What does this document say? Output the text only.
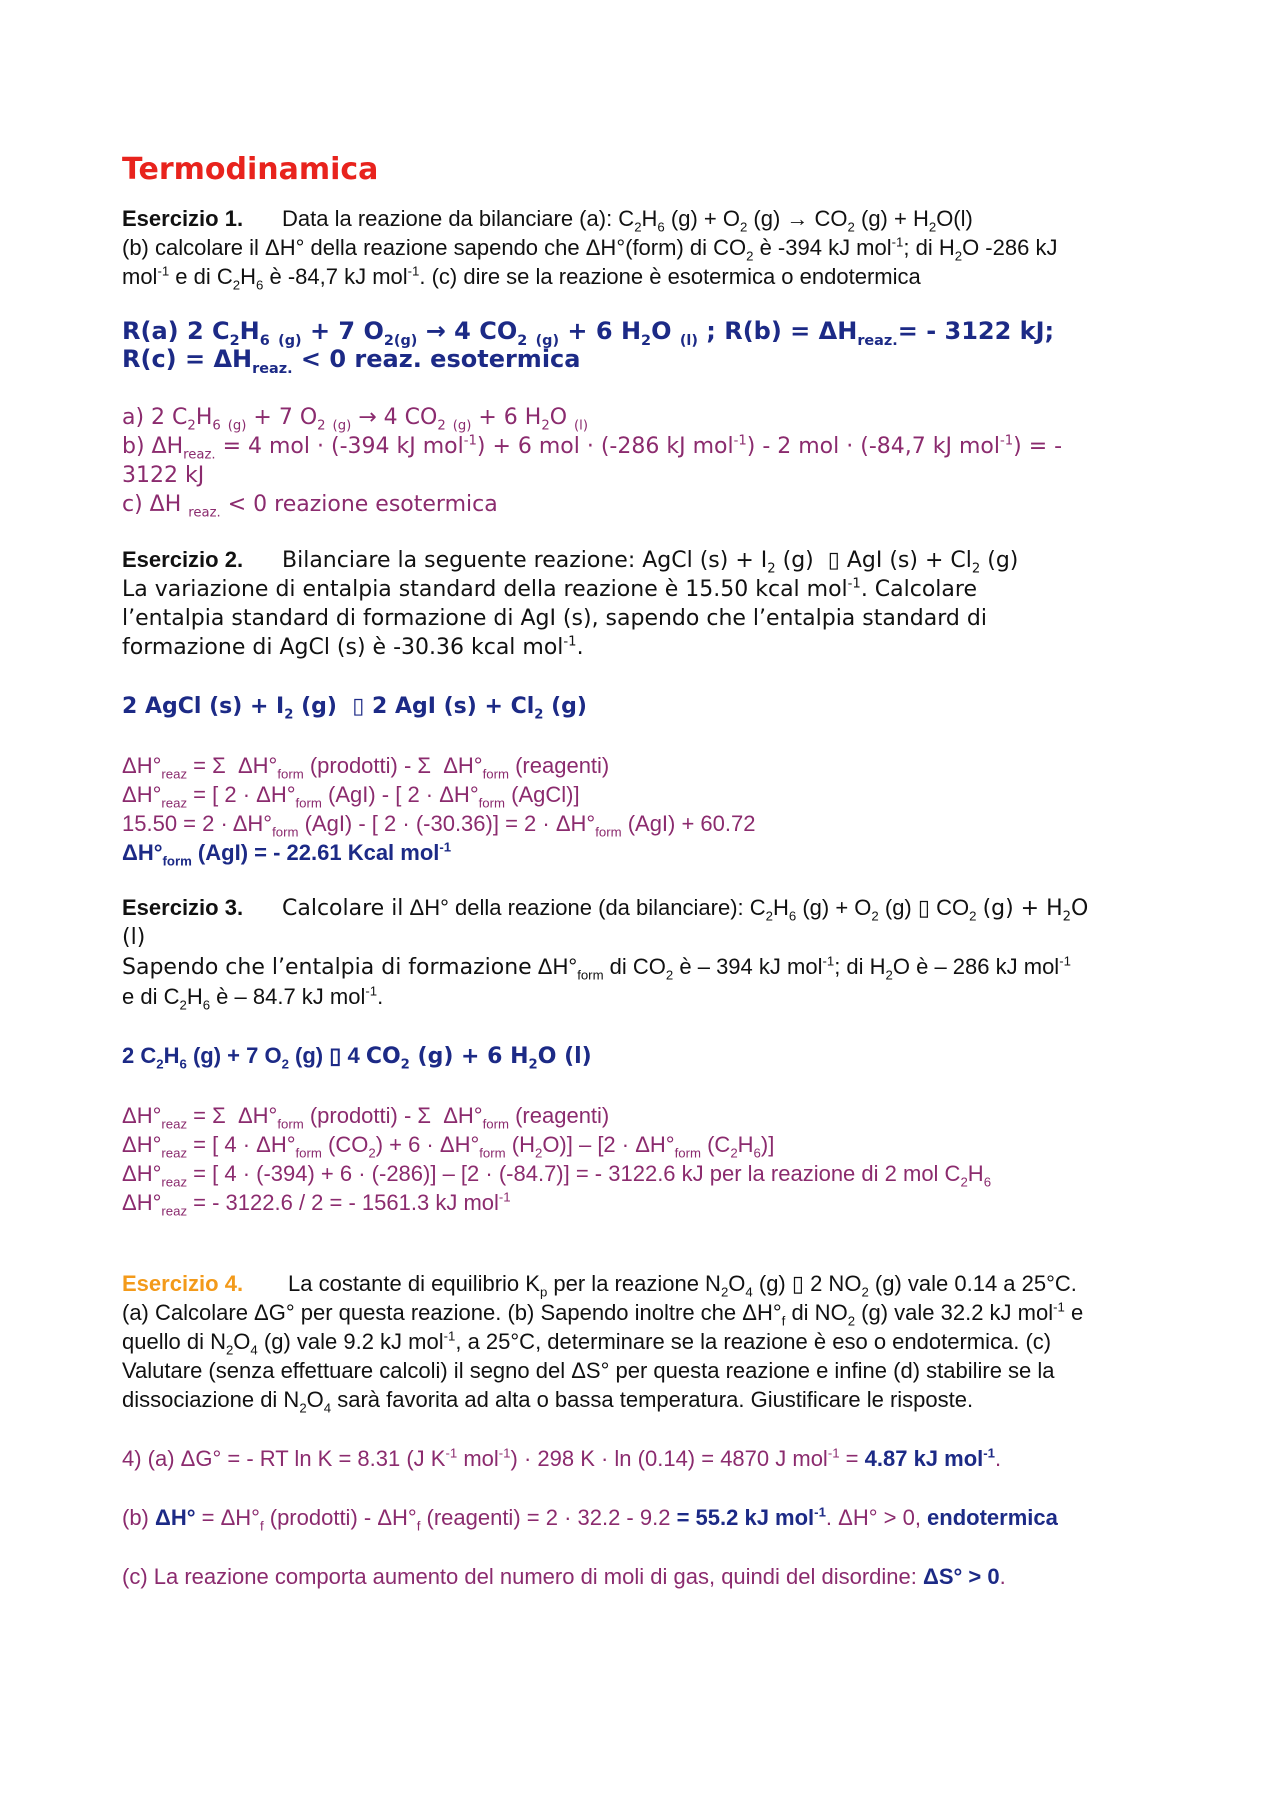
Termodinamica
Esercizio 1. Data la reazione da bilanciare (a): $C_2H_6$ $(g) + O_2$ $(g) \to CO_2$ $(g) + H_2O(l)$
(b) calcolare il ΔH° della reazione sapendo che ΔH°(form) di $CO_2$ è -394 kJ mol$^{-1}$; di $H_2O$ -286 kJ
mol$^{-1}$ e di $C_2H_6$ è -84,7 kJ mol$^{-1}$. (c) dire se la reazione è esotermica o endotermica
R(a) 2 $C_2H_6$ $_{(g)}$ + 7 $O_{2(g)} \to 4$ $CO_2$ $_{(g)}$ + 6 $H_2O$ $_{(l)}$ ; $R(b) = \Delta H_{reaz.}= - 3122$ kJ;
$R(c) = \Delta H_{reaz.} < 0$ reaz. esotermica
a) 2 $C_2H_6$ $_{(g)}$ + 7 $O_2$ $_{(g)}$ → 4 $CO_2$ $_{(g)}$ + 6 $H_2O$ $_{(l)}$
b) $\Delta H_{reaz.} = 4$ mol · (-394 kJ mol$^{-1}$) + 6 mol · (-286 kJ mol$^{-1}$) - 2 mol · (-84,7 kJ mol$^{-1}$) = -
3122 kJ
c) ΔH $_{reaz.}$ < 0 reazione esotermica
Esercizio 2. Bilanciare la seguente reazione: AgCl $(s) + I_2$ (g)  ▯ AgI $(s) + Cl_2$ (g)
La variazione di entalpia standard della reazione è 15.50 kcal mol$^{-1}$. Calcolare
l’entalpia standard di formazione di AgI (s), sapendo che l’entalpia standard di
formazione di AgCl (s) è -30.36 kcal mol$^{-1}$.
2 AgCl $(s) + I_2$ (g)  ▯ 2 AgI $(s) + Cl_2$ (g)
$\Delta H^\circ_{reaz} = \Sigma$  $\Delta H^\circ_{form}$ (prodotti) - Σ  $\Delta H^\circ_{form}$ (reagenti)
$\Delta H^\circ_{reaz}$ = [ $2 \cdot \Delta H^\circ_{form}$ (AgI) - [ $2 \cdot \Delta H^\circ_{form}$ (AgCl)]
$15.50 = 2 \cdot \Delta H^\circ_{form}$ (AgI) - [ $2 \cdot (-30.36)] = 2 \cdot \Delta H^\circ_{form}$ (AgI) + 60.72
$\Delta H^\circ_{form}$ (AgI) = - 22.61 Kcal mol$^{-1}$
Esercizio 3. Calcolare il ΔH° della reazione (da bilanciare): $C_2H_6$ $(g) + O_2$ (g) ▯ $CO_2$ $(g) + H_2O$
(l)
Sapendo che l’entalpia di formazione $\Delta H^\circ_{form}$ di $CO_2$ è – 394 kJ mol$^{-1}$; di $H_2O$ è – 286 kJ mol$^{-1}$
e di $C_2H_6$ è – 84.7 kJ mol$^{-1}$.
2 $C_2H_6$ (g) + 7 $O_2$ (g) ▯ 4 $CO_2$ (g) + 6 $H_2O$ (l)
$\Delta H^\circ_{reaz} = \Sigma$  $\Delta H^\circ_{form}$ (prodotti) - Σ  $\Delta H^\circ_{form}$ (reagenti)
$\Delta H^\circ_{reaz}$ = [ $4 \cdot \Delta H^\circ_{form}$ $(CO_2) + 6 \cdot \Delta H^\circ_{form}$ $(H_2O)] - [2 \cdot \Delta H^\circ_{form}$ $(C_2H_6)$]
$\Delta H^\circ_{reaz}$ = [ 4 · (-394) + 6 · (-286)] – [2 · (-84.7)] = - 3122.6 kJ per la reazione di 2 mol $C_2H_6$
$\Delta H^\circ_{reaz}$ = - 3122.6 / 2 = - 1561.3 kJ mol$^{-1}$
Esercizio 4. La costante di equilibrio $K_p$ per la reazione $N_2O_4$ (g) ▯ 2 $NO_2$ (g) vale 0.14 a 25°C.
(a) Calcolare ΔG° per questa reazione. (b) Sapendo inoltre che $\Delta H^\circ_f$ di $NO_2$ (g) vale 32.2 kJ mol$^{-1}$ e
quello di $N_2O_4$ (g) vale 9.2 kJ mol$^{-1}$, a 25°C, determinare se la reazione è eso o endotermica. (c)
Valutare (senza effettuare calcoli) il segno del ΔS° per questa reazione e infine (d) stabilire se la
dissociazione di $N_2O_4$ sarà favorita ad alta o bassa temperatura. Giustificare le risposte.
4) (a) ΔG° = - RT ln K = 8.31 (J $K^{-1}$ mol$^{-1}$) · 298 K · ln (0.14) = 4870 J mol$^{-1}$ = 4.87 kJ mol$^{-1}$.
(b) $\Delta H^\circ = \Delta H^\circ_f$ (prodotti) - $\Delta H^\circ_f$ (reagenti) = 2 · 32.2 - 9.2 = 55.2 kJ mol$^{-1}$. ΔH° > 0, endotermica
(c) La reazione comporta aumento del numero di moli di gas, quindi del disordine: ΔS° > 0.
